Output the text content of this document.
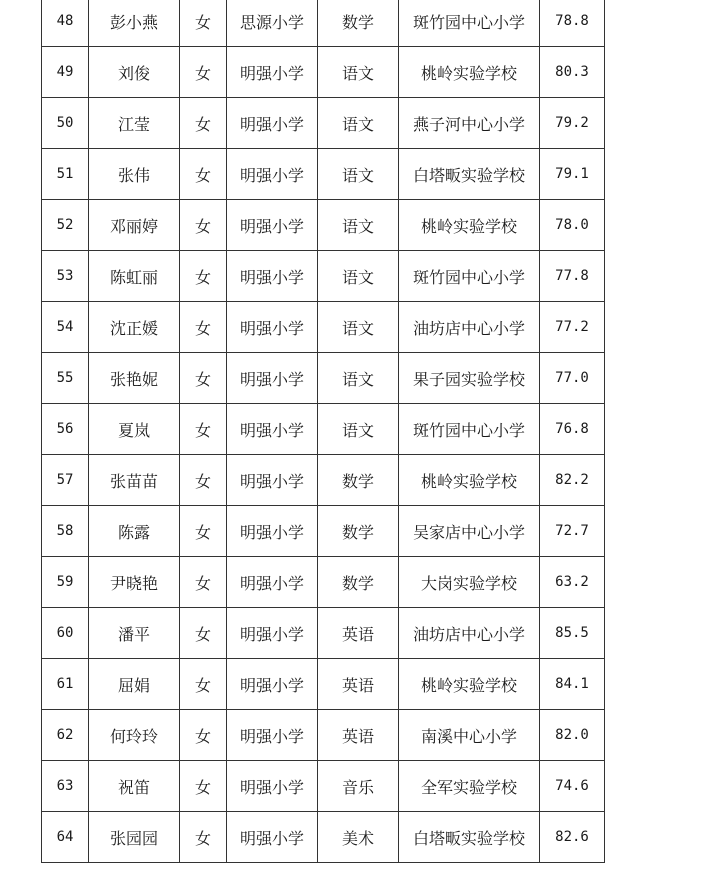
48	彭小燕	女	思源小学	数学	斑竹园中心小学	78.8
49	刘俊	女	明强小学	语文	桃岭实验学校	80.3
50	江莹	女	明强小学	语文	燕子河中心小学	79.2
51	张伟	女	明强小学	语文	白塔畈实验学校	79.1
52	邓丽婷	女	明强小学	语文	桃岭实验学校	78.0
53	陈虹丽	女	明强小学	语文	斑竹园中心小学	77.8
54	沈正媛	女	明强小学	语文	油坊店中心小学	77.2
55	张艳妮	女	明强小学	语文	果子园实验学校	77.0
56	夏岚	女	明强小学	语文	斑竹园中心小学	76.8
57	张苗苗	女	明强小学	数学	桃岭实验学校	82.2
58	陈露	女	明强小学	数学	吴家店中心小学	72.7
59	尹晓艳	女	明强小学	数学	大岗实验学校	63.2
60	潘平	女	明强小学	英语	油坊店中心小学	85.5
61	屈娟	女	明强小学	英语	桃岭实验学校	84.1
62	何玲玲	女	明强小学	英语	南溪中心小学	82.0
63	祝笛	女	明强小学	音乐	全军实验学校	74.6
64	张园园	女	明强小学	美术	白塔畈实验学校	82.6
